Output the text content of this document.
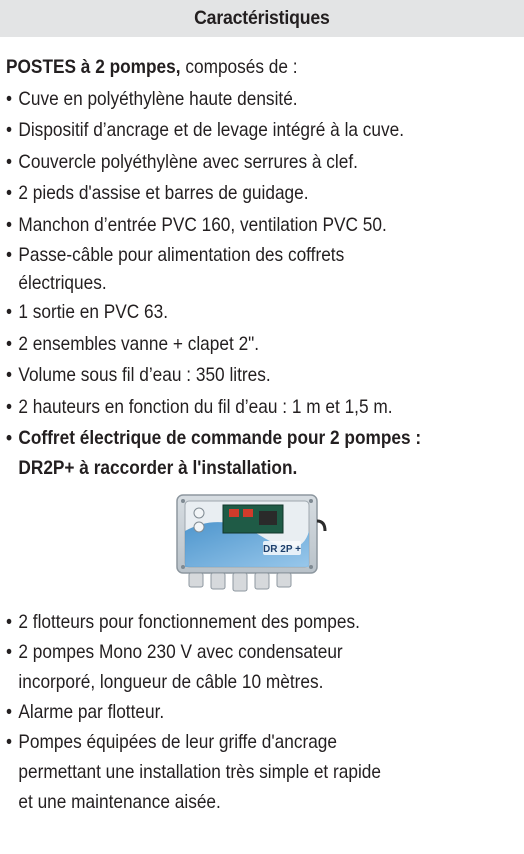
Caractéristiques
POSTES à 2 pompes, composés de :
• Cuve en polyéthylène haute densité.
• Dispositif d’ancrage et de levage intégré à la cuve.
• Couvercle polyéthylène avec serrures à clef.
• 2 pieds d'assise et barres de guidage.
• Manchon d’entrée PVC 160, ventilation PVC 50.
• Passe-câble pour alimentation des coffrets
électriques.
• 1 sortie en PVC 63.
• 2 ensembles vanne + clapet 2".
• Volume sous fil d’eau : 350 litres.
• 2 hauteurs en fonction du fil d’eau : 1 m et 1,5 m.
• Coffret électrique de commande pour 2 pompes :
DR2P+ à raccorder à l'installation.
DR 2P +
• 2 flotteurs pour fonctionnement des pompes.
• 2 pompes Mono 230 V avec condensateur
incorporé, longueur de câble 10 mètres.
• Alarme par flotteur.
• Pompes équipées de leur griffe d'ancrage
permettant une installation très simple et rapide
et une maintenance aisée.
